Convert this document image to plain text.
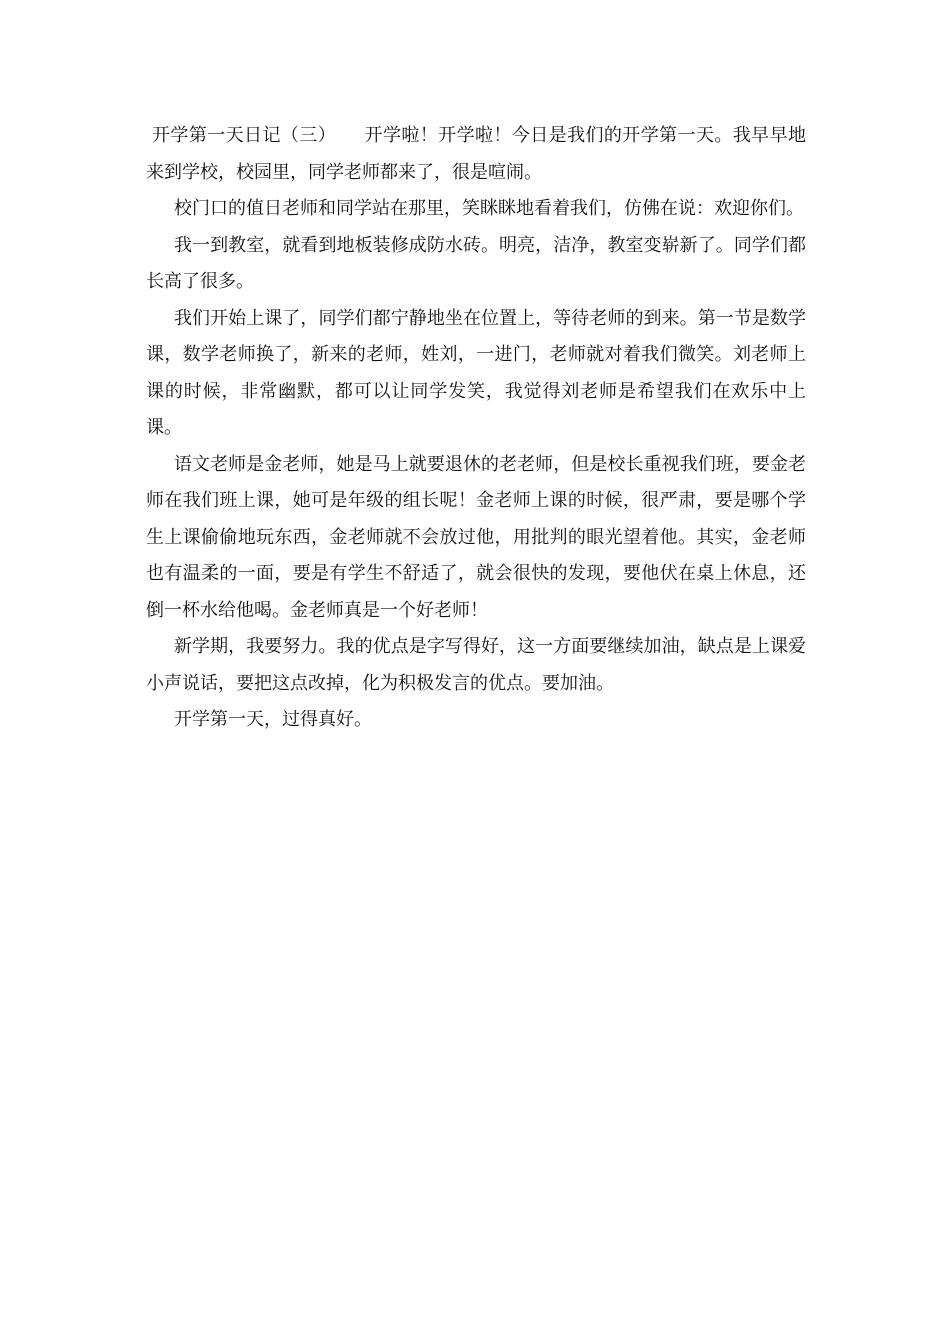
开学第一天日记（三） 开学啦！开学啦！今日是我们的开学第一天。我早早地来到学校，校园里，同学老师都来了，很是喧闹。

校门口的值日老师和同学站在那里，笑眯眯地看着我们，仿佛在说：欢迎你们。

我一到教室，就看到地板装修成防水砖。明亮，洁净，教室变崭新了。同学们都长高了很多。

我们开始上课了，同学们都宁静地坐在位置上，等待老师的到来。第一节是数学课，数学老师换了，新来的老师，姓刘，一进门，老师就对着我们微笑。刘老师上课的时候，非常幽默，都可以让同学发笑，我觉得刘老师是希望我们在欢乐中上课。

语文老师是金老师，她是马上就要退休的老老师，但是校长重视我们班，要金老师在我们班上课，她可是年级的组长呢！金老师上课的时候，很严肃，要是哪个学生上课偷偷地玩东西，金老师就不会放过他，用批判的眼光望着他。其实，金老师也有温柔的一面，要是有学生不舒适了，就会很快的发现，要他伏在桌上休息，还倒一杯水给他喝。金老师真是一个好老师！

新学期，我要努力。我的优点是字写得好，这一方面要继续加油，缺点是上课爱小声说话，要把这点改掉，化为积极发言的优点。要加油。

开学第一天，过得真好。
